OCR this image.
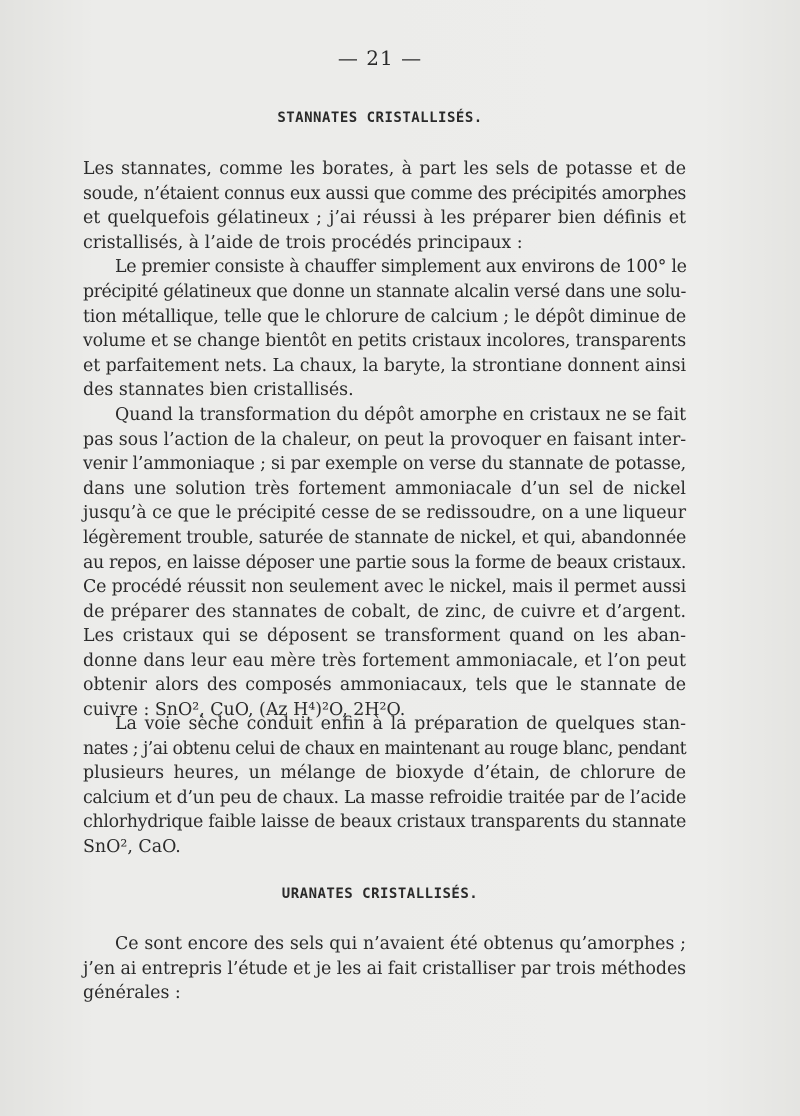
— 21 —
STANNATES CRISTALLISÉS.
Les stannates, comme les borates, à part les sels de potasse et de
soude, n’étaient connus eux aussi que comme des précipités amorphes
et quelquefois gélatineux ; j’ai réussi à les préparer bien définis et
cristallisés, à l’aide de trois procédés principaux :
Le premier consiste à chauffer simplement aux environs de 100° le
précipité gélatineux que donne un stannate alcalin versé dans une solu-
tion métallique, telle que le chlorure de calcium ; le dépôt diminue de
volume et se change bientôt en petits cristaux incolores, transparents
et parfaitement nets. La chaux, la baryte, la strontiane donnent ainsi
des stannates bien cristallisés.
Quand la transformation du dépôt amorphe en cristaux ne se fait
pas sous l’action de la chaleur, on peut la provoquer en faisant inter-
venir l’ammoniaque ; si par exemple on verse du stannate de potasse,
dans une solution très fortement ammoniacale d’un sel de nickel
jusqu’à ce que le précipité cesse de se redissoudre, on a une liqueur
légèrement trouble, saturée de stannate de nickel, et qui, abandonnée
au repos, en laisse déposer une partie sous la forme de beaux cristaux.
Ce procédé réussit non seulement avec le nickel, mais il permet aussi
de préparer des stannates de cobalt, de zinc, de cuivre et d’argent.
Les cristaux qui se déposent se transforment quand on les aban-
donne dans leur eau mère très fortement ammoniacale, et l’on peut
obtenir alors des composés ammoniacaux, tels que le stannate de
cuivre : SnO², CuO, (Az H⁴)²O, 2H²O.
La voie sèche conduit enfin à la préparation de quelques stan-
nates ; j’ai obtenu celui de chaux en maintenant au rouge blanc, pendant
plusieurs heures, un mélange de bioxyde d’étain, de chlorure de
calcium et d’un peu de chaux. La masse refroidie traitée par de l’acide
chlorhydrique faible laisse de beaux cristaux transparents du stannate
SnO², CaO.
URANATES CRISTALLISÉS.
Ce sont encore des sels qui n’avaient été obtenus qu’amorphes ;
j’en ai entrepris l’étude et je les ai fait cristalliser par trois méthodes
générales :
